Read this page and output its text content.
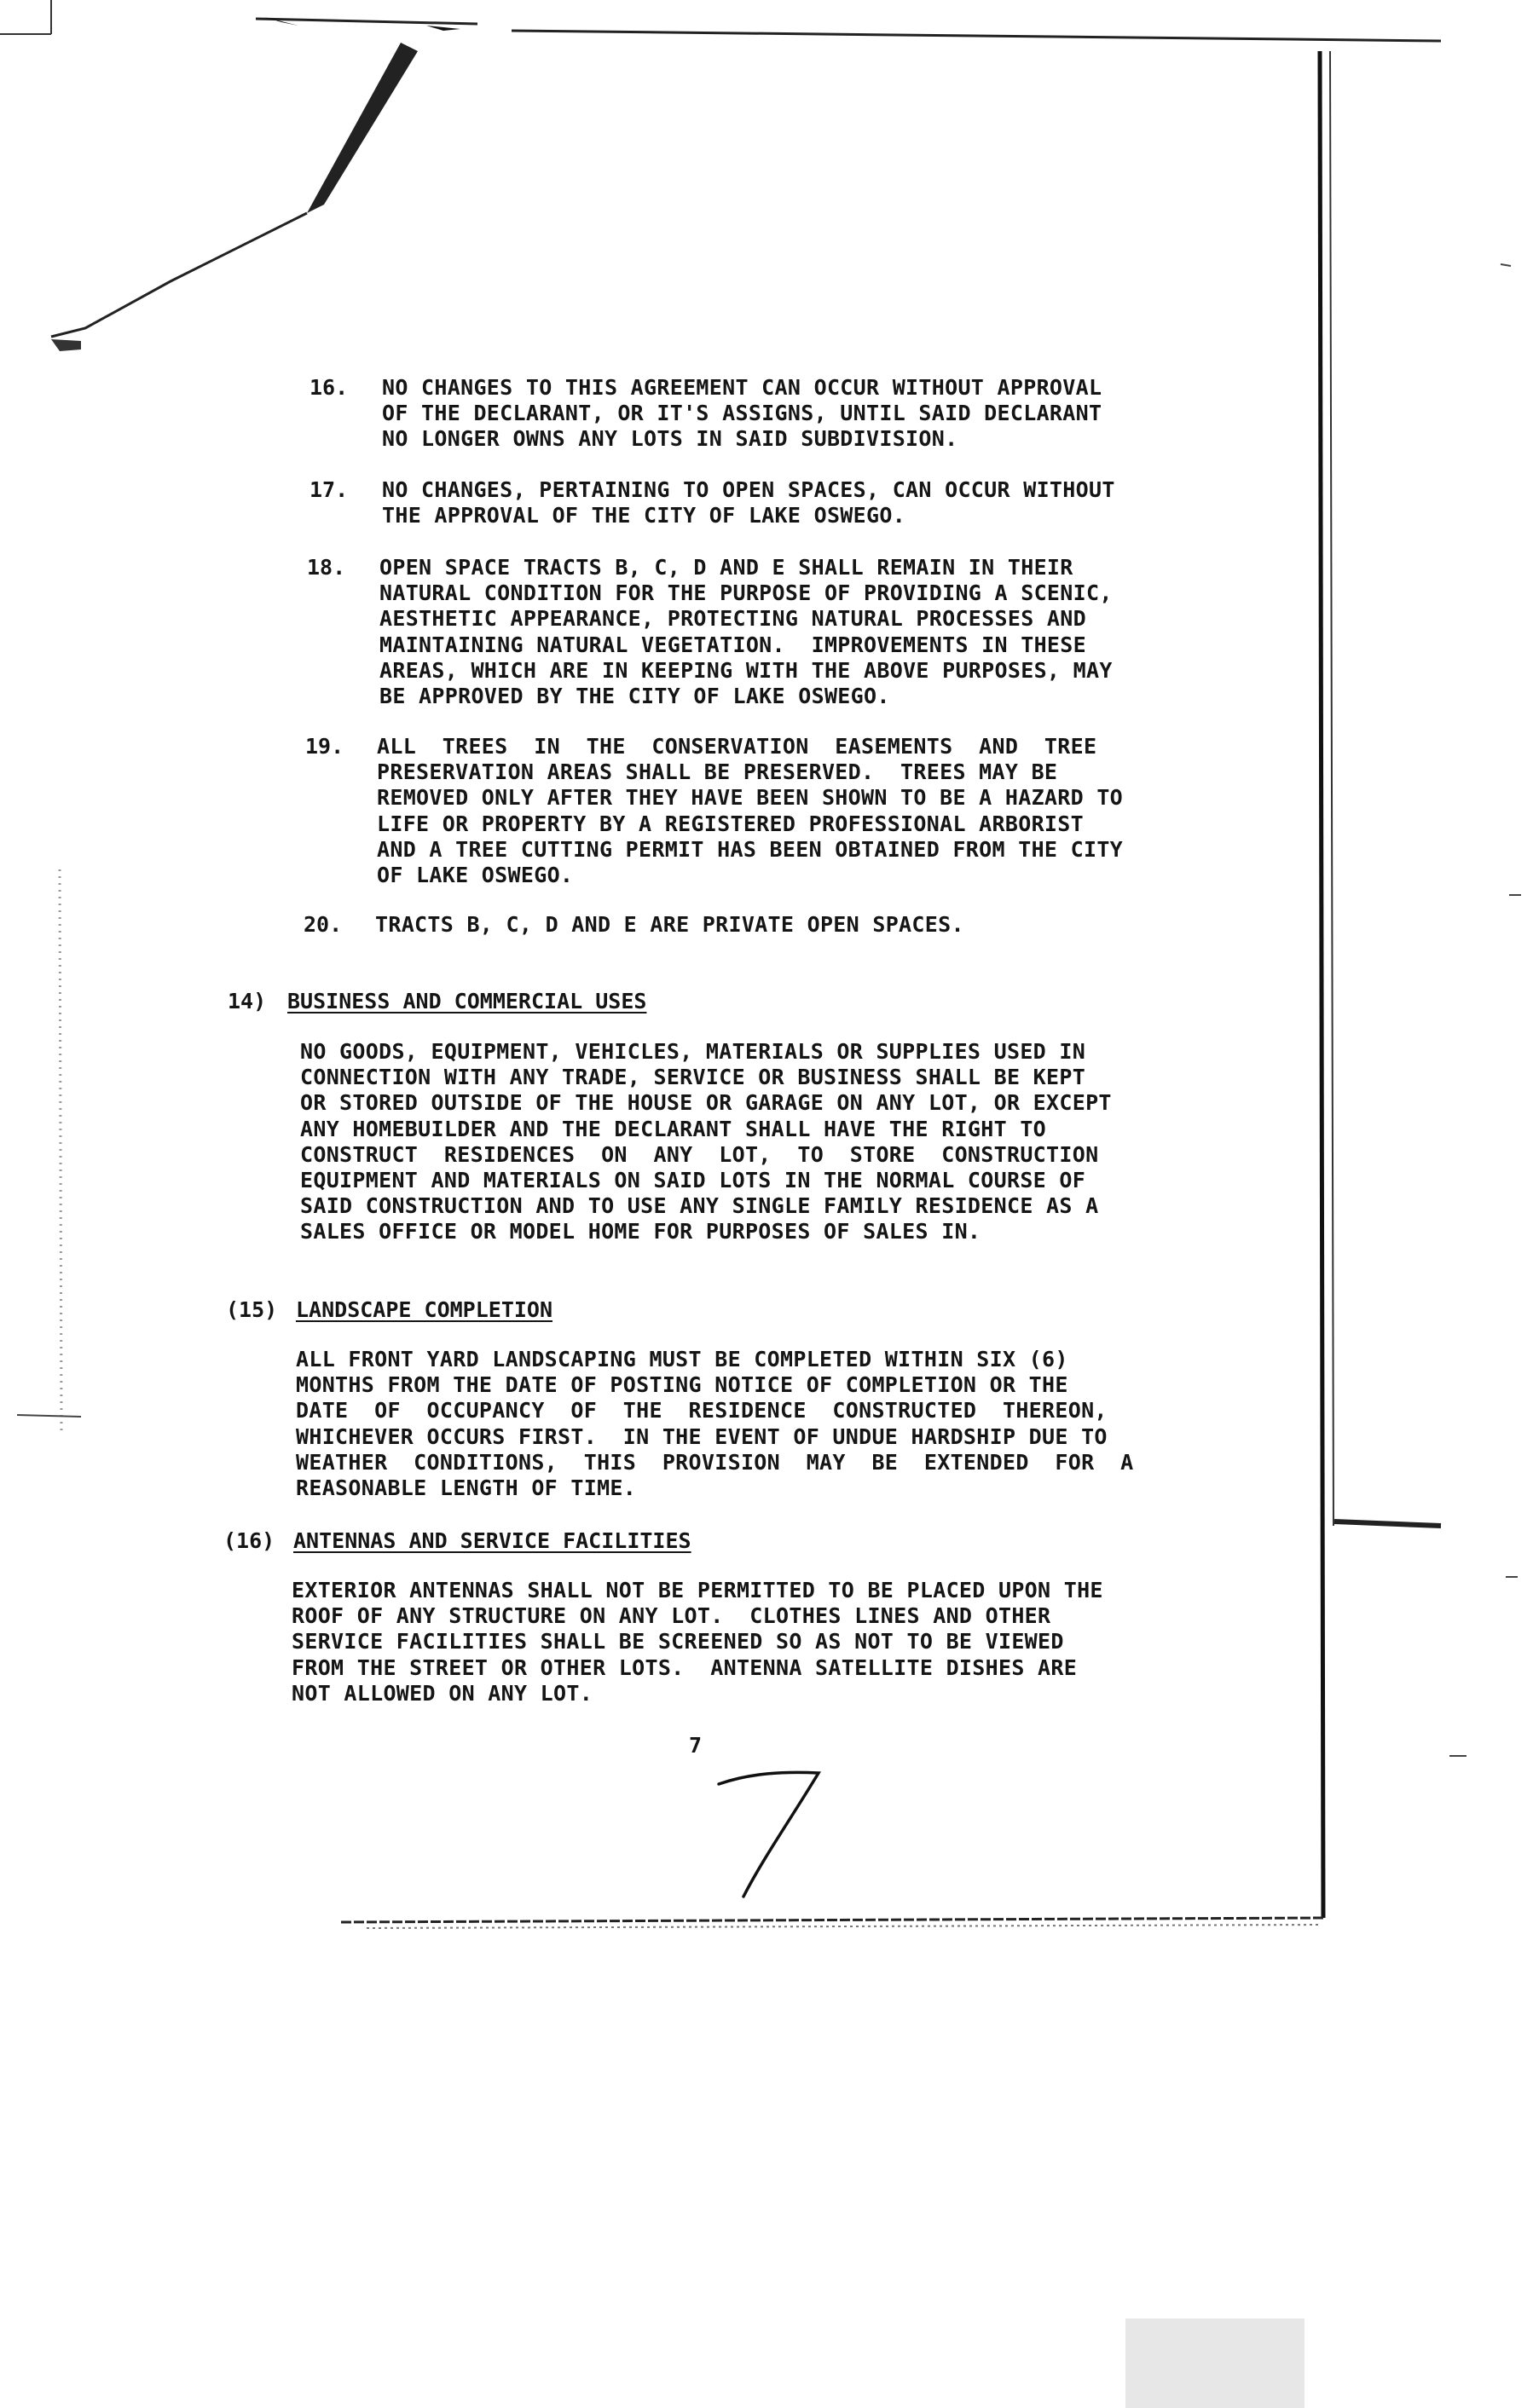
16. NO CHANGES TO THIS AGREEMENT CAN OCCUR WITHOUT APPROVAL
OF THE DECLARANT, OR IT'S ASSIGNS, UNTIL SAID DECLARANT
NO LONGER OWNS ANY LOTS IN SAID SUBDIVISION.
17. NO CHANGES, PERTAINING TO OPEN SPACES, CAN OCCUR WITHOUT
THE APPROVAL OF THE CITY OF LAKE OSWEGO.
18. OPEN SPACE TRACTS B, C, D AND E SHALL REMAIN IN THEIR
NATURAL CONDITION FOR THE PURPOSE OF PROVIDING A SCENIC,
AESTHETIC APPEARANCE, PROTECTING NATURAL PROCESSES AND
MAINTAINING NATURAL VEGETATION.  IMPROVEMENTS IN THESE
AREAS, WHICH ARE IN KEEPING WITH THE ABOVE PURPOSES, MAY
BE APPROVED BY THE CITY OF LAKE OSWEGO.
19. ALL  TREES  IN  THE  CONSERVATION  EASEMENTS  AND  TREE
PRESERVATION AREAS SHALL BE PRESERVED.  TREES MAY BE
REMOVED ONLY AFTER THEY HAVE BEEN SHOWN TO BE A HAZARD TO
LIFE OR PROPERTY BY A REGISTERED PROFESSIONAL ARBORIST
AND A TREE CUTTING PERMIT HAS BEEN OBTAINED FROM THE CITY
OF LAKE OSWEGO.
20. TRACTS B, C, D AND E ARE PRIVATE OPEN SPACES.
14) BUSINESS AND COMMERCIAL USES
NO GOODS, EQUIPMENT, VEHICLES, MATERIALS OR SUPPLIES USED IN
CONNECTION WITH ANY TRADE, SERVICE OR BUSINESS SHALL BE KEPT
OR STORED OUTSIDE OF THE HOUSE OR GARAGE ON ANY LOT, OR EXCEPT
ANY HOMEBUILDER AND THE DECLARANT SHALL HAVE THE RIGHT TO
CONSTRUCT  RESIDENCES  ON  ANY  LOT,  TO  STORE  CONSTRUCTION
EQUIPMENT AND MATERIALS ON SAID LOTS IN THE NORMAL COURSE OF
SAID CONSTRUCTION AND TO USE ANY SINGLE FAMILY RESIDENCE AS A
SALES OFFICE OR MODEL HOME FOR PURPOSES OF SALES IN.
(15) LANDSCAPE COMPLETION
ALL FRONT YARD LANDSCAPING MUST BE COMPLETED WITHIN SIX (6)
MONTHS FROM THE DATE OF POSTING NOTICE OF COMPLETION OR THE
DATE  OF  OCCUPANCY  OF  THE  RESIDENCE  CONSTRUCTED  THEREON,
WHICHEVER OCCURS FIRST.  IN THE EVENT OF UNDUE HARDSHIP DUE TO
WEATHER  CONDITIONS,  THIS  PROVISION  MAY  BE  EXTENDED  FOR  A
REASONABLE LENGTH OF TIME.
(16) ANTENNAS AND SERVICE FACILITIES
EXTERIOR ANTENNAS SHALL NOT BE PERMITTED TO BE PLACED UPON THE
ROOF OF ANY STRUCTURE ON ANY LOT.  CLOTHES LINES AND OTHER
SERVICE FACILITIES SHALL BE SCREENED SO AS NOT TO BE VIEWED
FROM THE STREET OR OTHER LOTS.  ANTENNA SATELLITE DISHES ARE
NOT ALLOWED ON ANY LOT.
7
